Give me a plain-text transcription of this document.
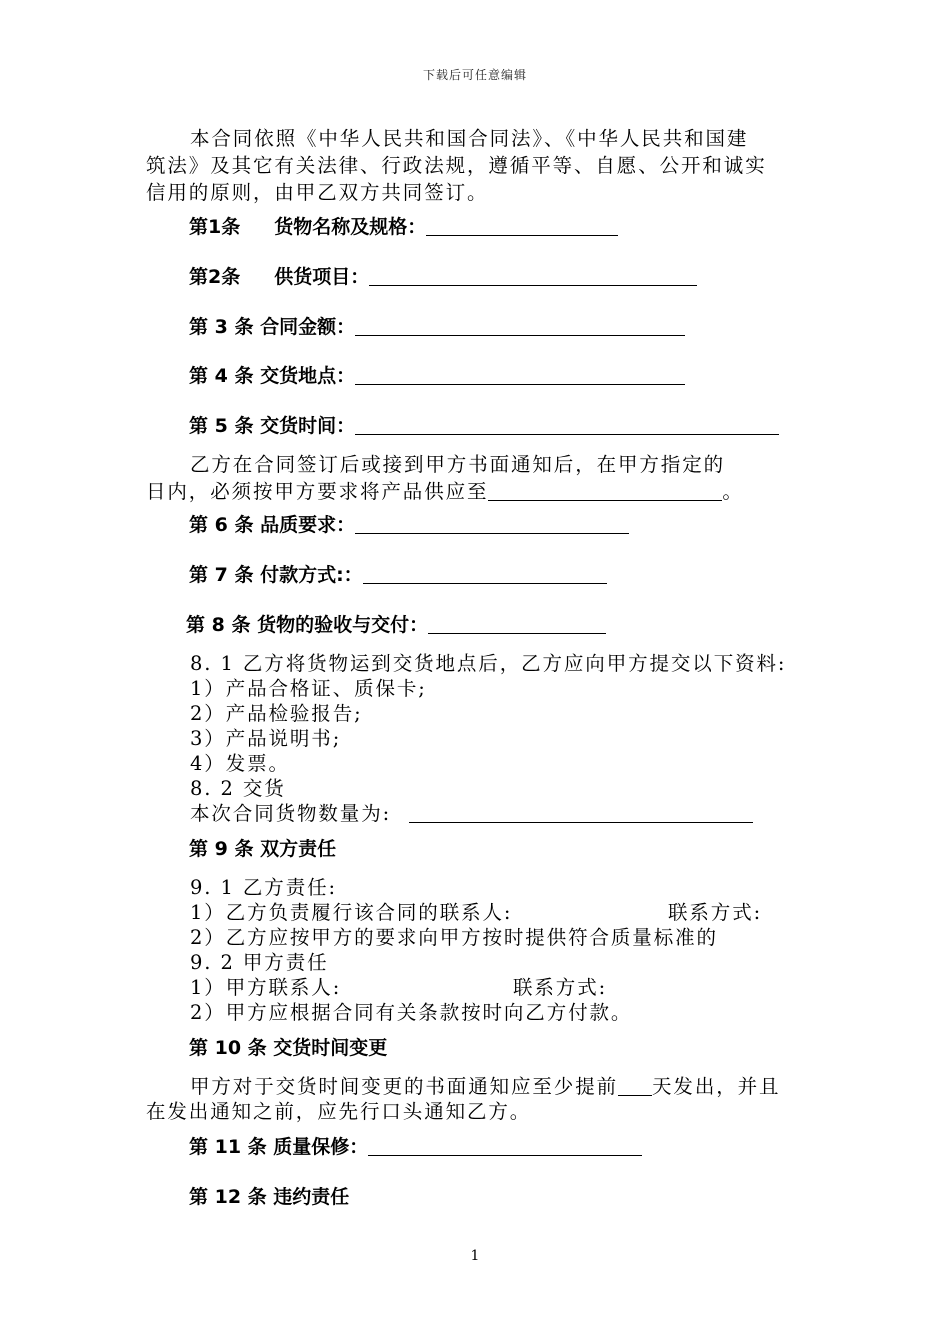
下载后可任意编辑
本合同依照《中华人民共和国合同法》、《中华人民共和国建
筑法》及其它有关法律、行政法规，遵循平等、自愿、公开和诚实
信用的原则，由甲乙双方共同签订。
第1条 货物名称及规格：
第2条 供货项目：
第 3 条 合同金额：
第 4 条 交货地点：
第 5 条 交货时间：
乙方在合同签订后或接到甲方书面通知后，在甲方指定的
日内，必须按甲方要求将产品供应至	。
第 6 条 品质要求：
第 7 条 付款方式:：
第 8 条 货物的验收与交付：
8. 1 乙方将货物运到交货地点后，乙方应向甲方提交以下资料:
1）产品合格证、质保卡;
2）产品检验报告;
3）产品说明书;
4）发票。
8. 2 交货
本次合同货物数量为:
第 9 条 双方责任
9. 1 乙方责任:
1）乙方负责履行该合同的联系人:	联系方式:
2）乙方应按甲方的要求向甲方按时提供符合质量标准的
9. 2 甲方责任
1）甲方联系人:	联系方式:
2）甲方应根据合同有关条款按时向乙方付款。
第 10 条 交货时间变更
甲方对于交货时间变更的书面通知应至少提前 天发出，并且
在发出通知之前，应先行口头通知乙方。
第 11 条 质量保修：
第 12 条 违约责任
1
